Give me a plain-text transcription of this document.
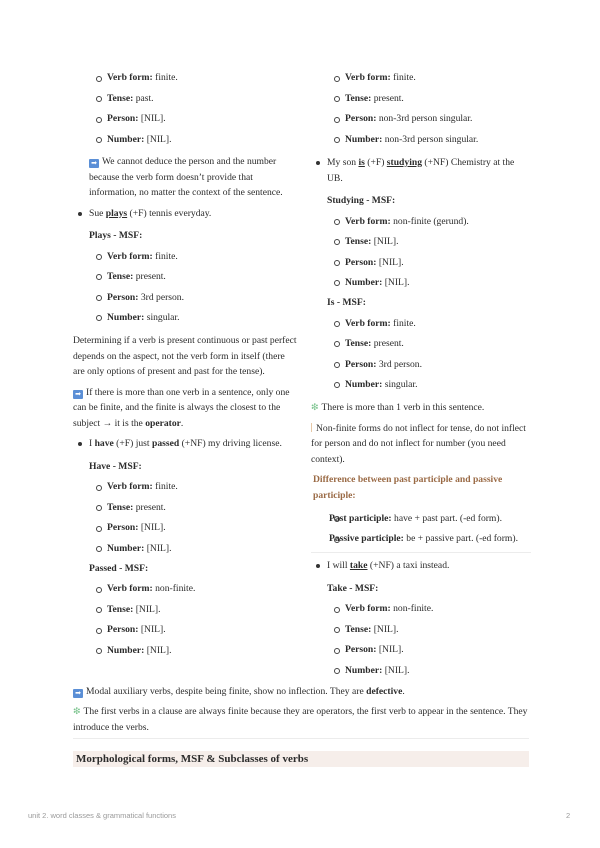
Verb form: finite.
Tense: past.
Person: [NIL].
Number: [NIL].

➡ We cannot deduce the person and the number because the verb form doesn’t provide that information, no matter the context of the sentence.

Sue plays (+F) tennis everyday.

Plays - MSF:
Verb form: finite.
Tense: present.
Person: 3rd person.
Number: singular.

Determining if a verb is present continuous or past perfect depends on the aspect, not the verb form in itself (there are only options of present and past for the tense).

➡ If there is more than one verb in a sentence, only one can be finite, and the finite is always the closest to the subject → it is the operator.

I have (+F) just passed (+NF) my driving license.

Have - MSF:
Verb form: finite.
Tense: present.
Person: [NIL].
Number: [NIL].
Passed - MSF:
Verb form: non-finite.
Tense: [NIL].
Person: [NIL].
Number: [NIL].
Verb form: finite.
Tense: present.
Person: non-3rd person singular.
Number: non-3rd person singular.

My son is (+F) studying (+NF) Chemistry at the UB.

Studying - MSF:
Verb form: non-finite (gerund).
Tense: [NIL].
Person: [NIL].
Number: [NIL].
Is - MSF:
Verb form: finite.
Tense: present.
Person: 3rd person.
Number: singular.

❇ There is more than 1 verb in this sentence.

Non-finite forms do not inflect for tense, do not inflect for person and do not inflect for number (you need context).

Difference between past participle and passive participle:

Past participle: have + past part. (-ed form).
Passive participle: be + passive part. (-ed form).

I will take (+NF) a taxi instead.

Take - MSF:
Verb form: non-finite.
Tense: [NIL].
Person: [NIL].
Number: [NIL].

➡ Modal auxiliary verbs, despite being finite, show no inflection. They are defective.

❇ The first verbs in a clause are always finite because they are operators, the first verb to appear in the sentence. They introduce the verbs.

Morphological forms, MSF & Subclasses of verbs
unit 2. word classes & grammatical functions	2
